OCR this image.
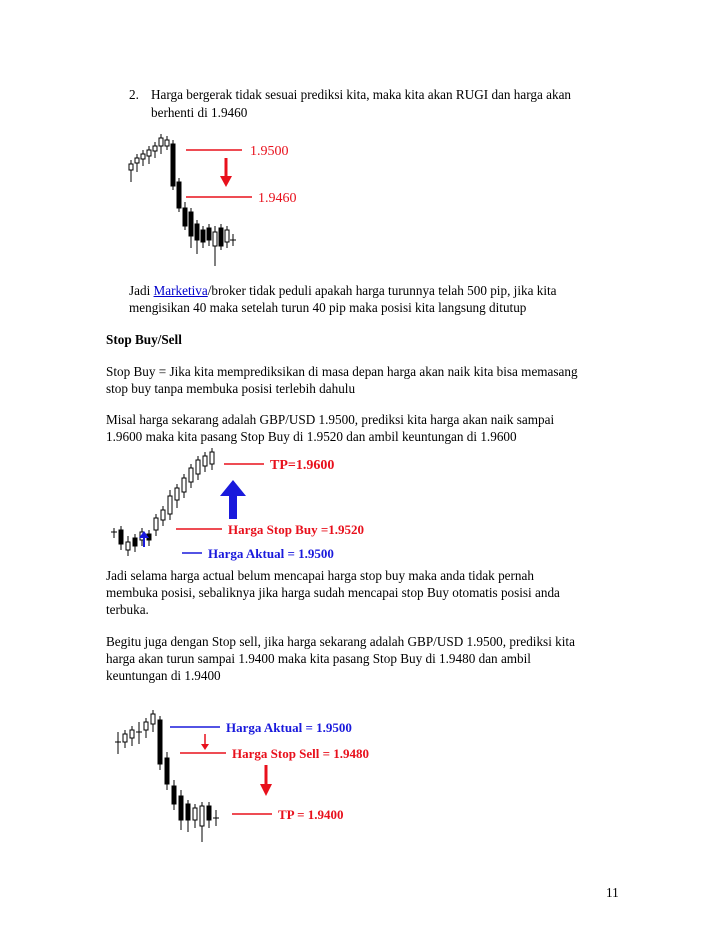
2. Harga bergerak tidak sesuai prediksi kita, maka kita akan RUGI dan harga akan
berhenti di 1.9460
1.9500
1.9460
Jadi Marketiva/broker tidak peduli apakah harga turunnya telah 500 pip, jika kita
mengisikan 40 maka setelah turun 40 pip maka posisi kita langsung ditutup
Stop Buy/Sell
Stop Buy = Jika kita memprediksikan di masa depan harga akan naik kita bisa memasang
stop buy tanpa membuka posisi terlebih dahulu
Misal harga sekarang adalah GBP/USD 1.9500, prediksi kita harga akan naik sampai
1.9600 maka kita pasang Stop Buy di 1.9520 dan ambil keuntungan di 1.9600
TP=1.9600
Harga Stop Buy =1.9520
Harga Aktual = 1.9500
Jadi selama harga actual belum mencapai harga stop buy maka anda tidak pernah
membuka posisi, sebaliknya jika harga sudah mencapai stop Buy otomatis posisi anda
terbuka.
Begitu juga dengan Stop sell, jika harga sekarang adalah GBP/USD 1.9500, prediksi kita
harga akan turun sampai 1.9400 maka kita pasang Stop Buy di 1.9480 dan ambil
keuntungan di 1.9400
Harga Aktual = 1.9500
Harga Stop Sell = 1.9480
TP = 1.9400
11
